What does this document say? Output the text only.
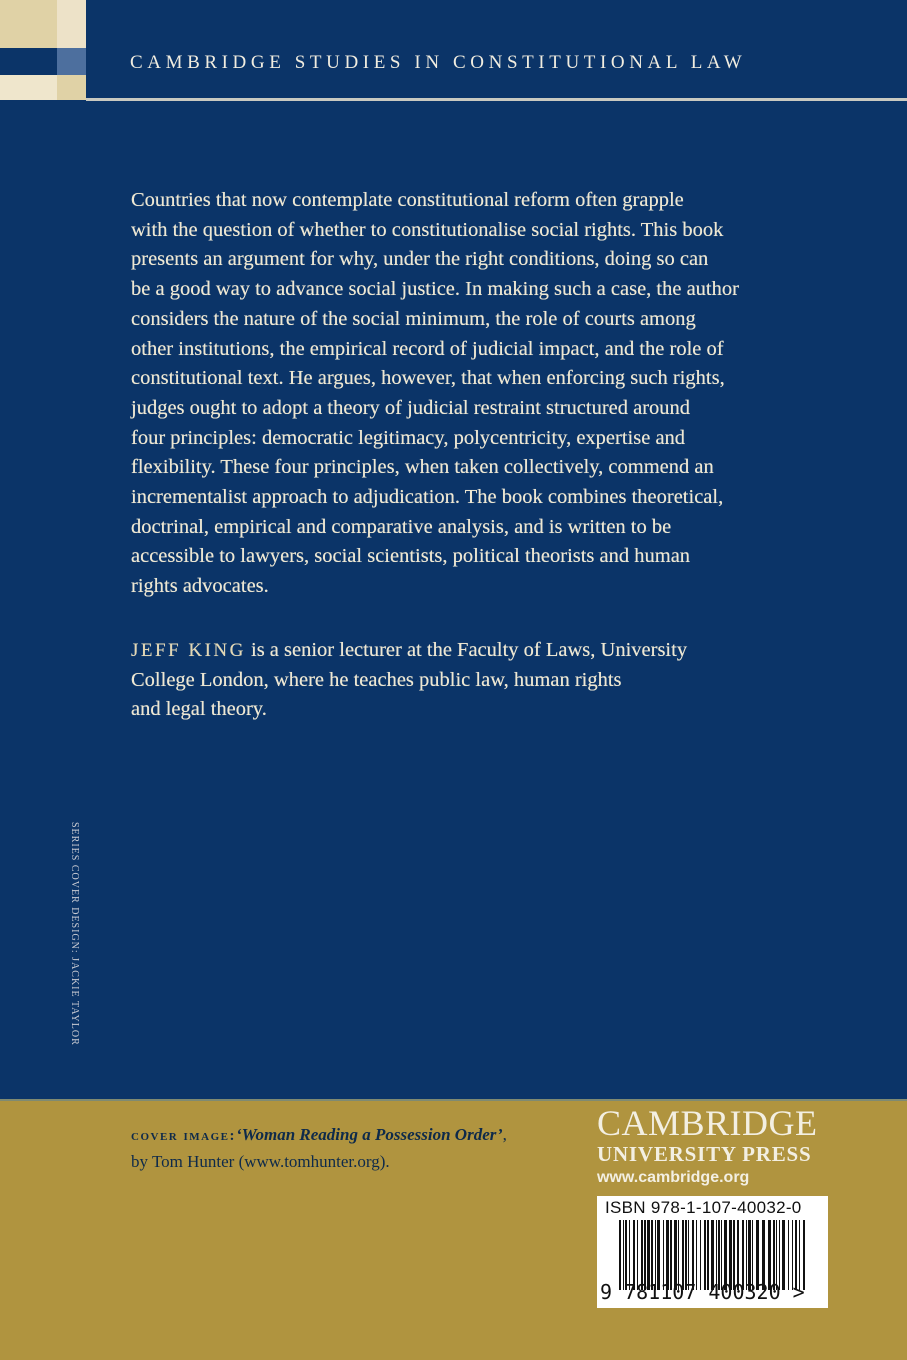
CAMBRIDGE STUDIES IN CONSTITUTIONAL LAW
Countries that now contemplate constitutional reform often grapple
with the question of whether to constitutionalise social rights. This book
presents an argument for why, under the right conditions, doing so can
be a good way to advance social justice. In making such a case, the author
considers the nature of the social minimum, the role of courts among
other institutions, the empirical record of judicial impact, and the role of
constitutional text. He argues, however, that when enforcing such rights,
judges ought to adopt a theory of judicial restraint structured around
four principles: democratic legitimacy, polycentricity, expertise and
flexibility. These four principles, when taken collectively, commend an
incrementalist approach to adjudication. The book combines theoretical,
doctrinal, empirical and comparative analysis, and is written to be
accessible to lawyers, social scientists, political theorists and human
rights advocates.
JEFF KING is a senior lecturer at the Faculty of Laws, University
College London, where he teaches public law, human rights
and legal theory.
SERIES COVER DESIGN: JACKIE TAYLOR
cover image:‘Woman Reading a Possession Order’,
by Tom Hunter (www.tomhunter.org).
CAMBRIDGE
UNIVERSITY PRESS
www.cambridge.org
ISBN 978-1-107-40032-0
9 781107 400320 >
